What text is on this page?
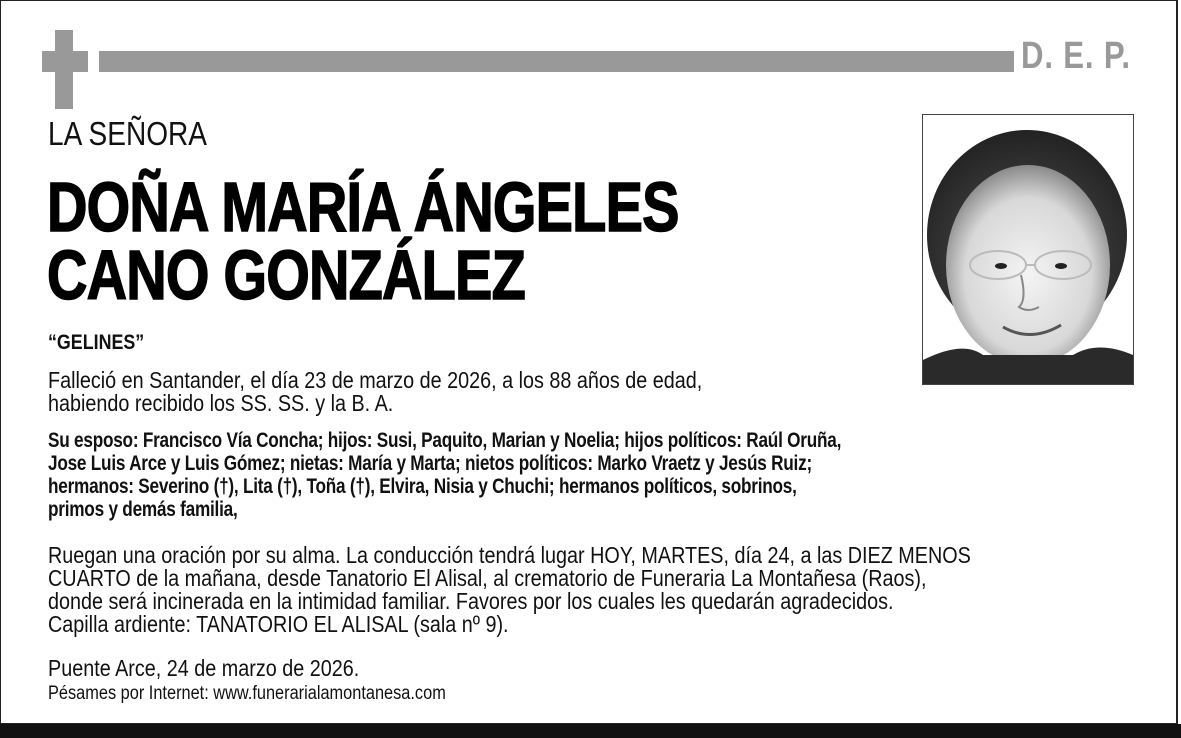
D. E. P.
LA SEÑORA
DOÑA MARÍA ÁNGELES
CANO GONZÁLEZ
“GELINES”
Falleció en Santander, el día 23 de marzo de 2026, a los 88 años de edad,
habiendo recibido los SS. SS. y la B. A.
Su esposo: Francisco Vía Concha; hijos: Susi, Paquito, Marian y Noelia; hijos políticos: Raúl Oruña,
Jose Luis Arce y Luis Gómez; nietas: María y Marta; nietos políticos: Marko Vraetz y Jesús Ruiz;
hermanos: Severino (†), Lita (†), Toña (†), Elvira, Nisia y Chuchi; hermanos políticos, sobrinos,
primos y demás familia,
Ruegan una oración por su alma. La conducción tendrá lugar HOY, MARTES, día 24, a las DIEZ MENOS
CUARTO de la mañana, desde Tanatorio El Alisal, al crematorio de Funeraria La Montañesa (Raos),
donde será incinerada en la intimidad familiar. Favores por los cuales les quedarán agradecidos.
Capilla ardiente: TANATORIO EL ALISAL (sala nº 9).
Puente Arce, 24 de marzo de 2026.
Pésames por Internet: www.funerarialamontanesa.com
